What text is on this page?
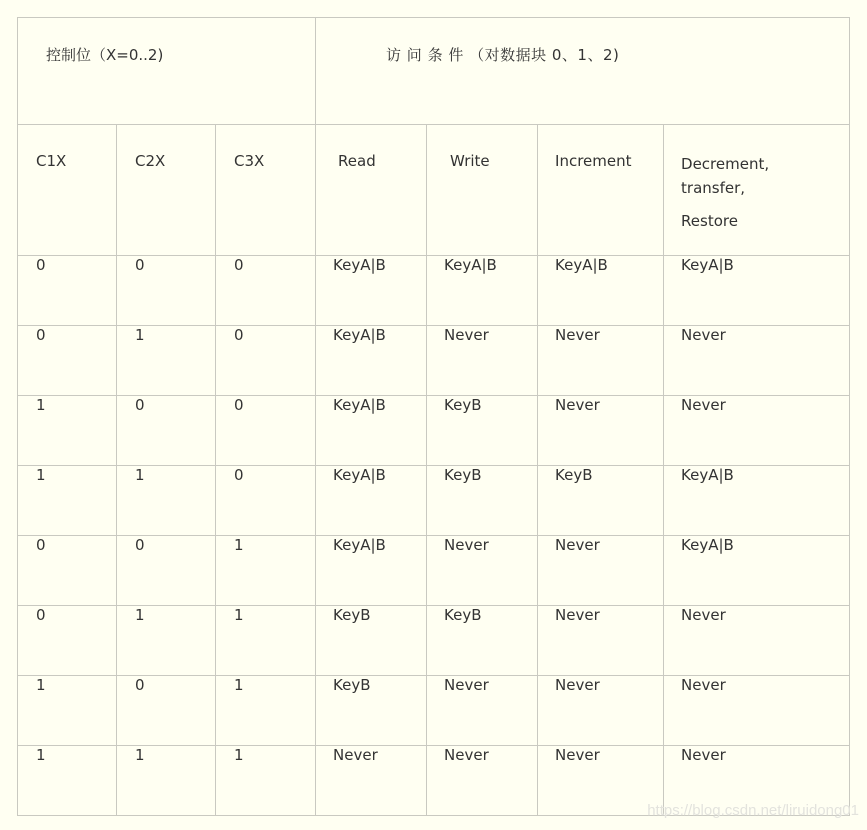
控制位（X=0..2)			访 问 条 件 （对数据块 0、1、2)			

C1X	C2X	C3X	Read	Write	Increment	Decrement,
transfer,
Restore

0	0	0	KeyA|B	KeyA|B	KeyA|B	KeyA|B

0	1	0	KeyA|B	Never	Never	Never

1	0	0	KeyA|B	KeyB	Never	Never

1	1	0	KeyA|B	KeyB	KeyB	KeyA|B

0	0	1	KeyA|B	Never	Never	KeyA|B

0	1	1	KeyB	KeyB	Never	Never

1	0	1	KeyB	Never	Never	Never

1	1	1	Never	Never	Never	Never
https://blog.csdn.net/liruidong01
